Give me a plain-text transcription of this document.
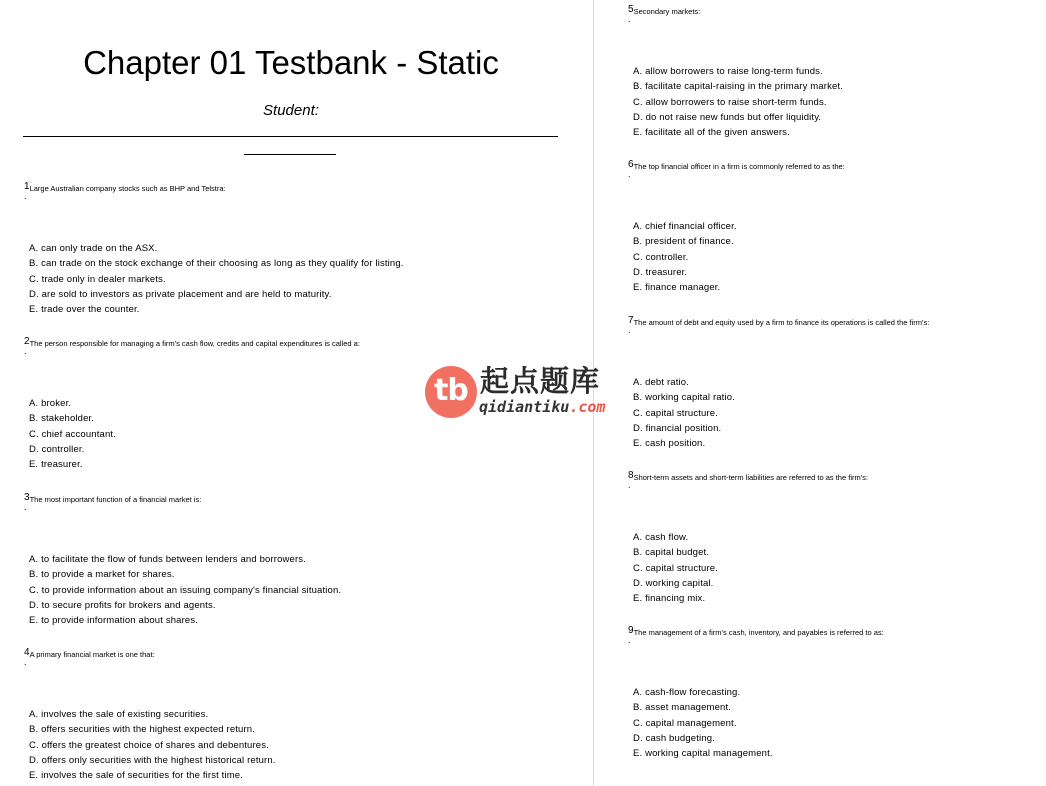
Chapter 01 Testbank - Static
Student:
1Large Australian company stocks such as BHP and Telstra:
.
A. can only trade on the ASX.
B. can trade on the stock exchange of their choosing as long as they qualify for listing.
C. trade only in dealer markets.
D. are sold to investors as private placement and are held to maturity.
E. trade over the counter.
2The person responsible for managing a firm's cash flow, credits and capital expenditures is called a:
.
A. broker.
B. stakeholder.
C. chief accountant.
D. controller.
E. treasurer.
3The most important function of a financial market is:
.
A. to facilitate the flow of funds between lenders and borrowers.
B. to provide a market for shares.
C. to provide information about an issuing company's financial situation.
D. to secure profits for brokers and agents.
E. to provide information about shares.
4A primary financial market is one that:
.
A. involves the sale of existing securities.
B. offers securities with the highest expected return.
C. offers the greatest choice of shares and debentures.
D. offers only securities with the highest historical return.
E. involves the sale of securities for the first time.
5Secondary markets:
.
A. allow borrowers to raise long-term funds.
B. facilitate capital-raising in the primary market.
C. allow borrowers to raise short-term funds.
D. do not raise new funds but offer liquidity.
E. facilitate all of the given answers.
6The top financial officer in a firm is commonly referred to as the:
.
A. chief financial officer.
B. president of finance.
C. controller.
D. treasurer.
E. finance manager.
7The amount of debt and equity used by a firm to finance its operations is called the firm's:
.
A. debt ratio.
B. working capital ratio.
C. capital structure.
D. financial position.
E. cash position.
8Short-term assets and short-term liabilities are referred to as the firm's:
.
A. cash flow.
B. capital budget.
C. capital structure.
D. working capital.
E. financing mix.
9The management of a firm's cash, inventory, and payables is referred to as:
.
A. cash-flow forecasting.
B. asset management.
C. capital management.
D. cash budgeting.
E. working capital management.
tb 起点题库
qidiantiku.com
